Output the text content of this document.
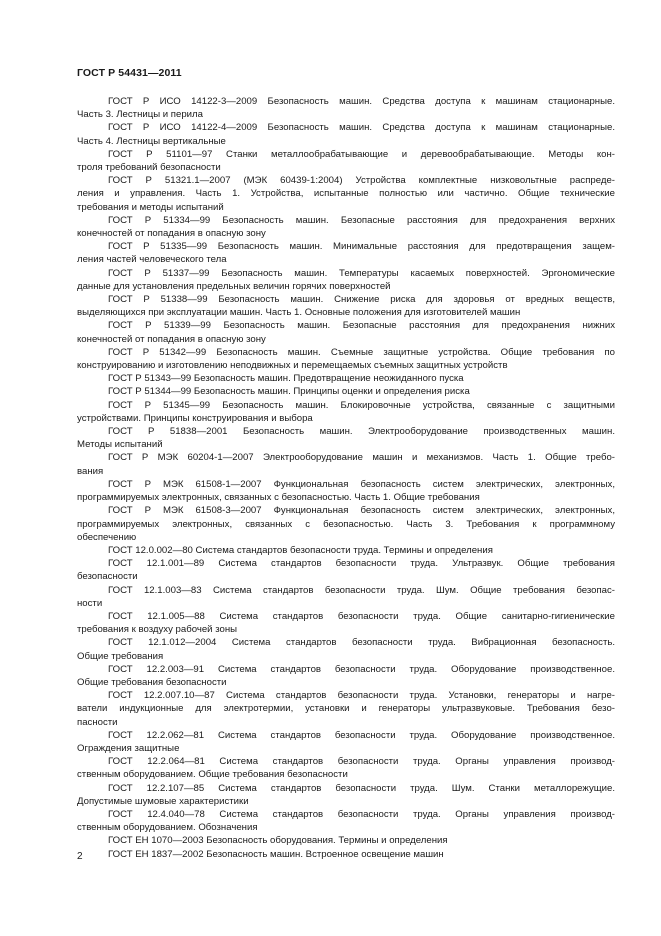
ГОСТ Р 54431—2011
ГОСТ Р ИСО 14122-3—2009 Безопасность машин. Средства доступа к машинам стационарные.
Часть 3. Лестницы и перила
ГОСТ Р ИСО 14122-4—2009 Безопасность машин. Средства доступа к машинам стационарные.
Часть 4. Лестницы вертикальные
ГОСТ Р 51101—97 Станки металлообрабатывающие и деревообрабатывающие. Методы кон-
троля требований безопасности
ГОСТ Р 51321.1—2007 (МЭК 60439-1:2004) Устройства комплектные низковольтные распреде-
ления и управления. Часть 1. Устройства, испытанные полностью или частично. Общие технические
требования и методы испытаний
ГОСТ Р 51334—99 Безопасность машин. Безопасные расстояния для предохранения верхних
конечностей от попадания в опасную зону
ГОСТ Р 51335—99 Безопасность машин. Минимальные расстояния для предотвращения защем-
ления частей человеческого тела
ГОСТ Р 51337—99 Безопасность машин. Температуры касаемых поверхностей. Эргономические
данные для установления предельных величин горячих поверхностей
ГОСТ Р 51338—99 Безопасность машин. Снижение риска для здоровья от вредных веществ,
выделяющихся при эксплуатации машин. Часть 1. Основные положения для изготовителей машин
ГОСТ Р 51339—99 Безопасность машин. Безопасные расстояния для предохранения нижних
конечностей от попадания в опасную зону
ГОСТ Р 51342—99 Безопасность машин. Съемные защитные устройства. Общие требования по
конструированию и изготовлению неподвижных и перемещаемых съемных защитных устройств
ГОСТ Р 51343—99 Безопасность машин. Предотвращение неожиданного пуска
ГОСТ Р 51344—99 Безопасность машин. Принципы оценки и определения риска
ГОСТ Р 51345—99 Безопасность машин. Блокировочные устройства, связанные с защитными
устройствами. Принципы конструирования и выбора
ГОСТ Р 51838—2001 Безопасность машин. Электрооборудование производственных машин.
Методы испытаний
ГОСТ Р МЭК 60204-1—2007 Электрооборудование машин и механизмов. Часть 1. Общие требо-
вания
ГОСТ Р МЭК 61508-1—2007 Функциональная безопасность систем электрических, электронных,
программируемых электронных, связанных с безопасностью. Часть 1. Общие требования
ГОСТ Р МЭК 61508-3—2007 Функциональная безопасность систем электрических, электронных,
программируемых электронных, связанных с безопасностью. Часть 3. Требования к программному
обеспечению
ГОСТ 12.0.002—80 Система стандартов безопасности труда. Термины и определения
ГОСТ 12.1.001—89 Система стандартов безопасности труда. Ультразвук. Общие требования
безопасности
ГОСТ 12.1.003—83 Система стандартов безопасности труда. Шум. Общие требования безопас-
ности
ГОСТ 12.1.005—88 Система стандартов безопасности труда. Общие санитарно-гигиенические
требования к воздуху рабочей зоны
ГОСТ 12.1.012—2004 Система стандартов безопасности труда. Вибрационная безопасность.
Общие требования
ГОСТ 12.2.003—91 Система стандартов безопасности труда. Оборудование производственное.
Общие требования безопасности
ГОСТ 12.2.007.10—87 Система стандартов безопасности труда. Установки, генераторы и нагре-
ватели индукционные для электротермии, установки и генераторы ультразвуковые. Требования безо-
пасности
ГОСТ 12.2.062—81 Система стандартов безопасности труда. Оборудование производственное.
Ограждения защитные
ГОСТ 12.2.064—81 Система стандартов безопасности труда. Органы управления производ-
ственным оборудованием. Общие требования безопасности
ГОСТ 12.2.107—85 Система стандартов безопасности труда. Шум. Станки металлорежущие.
Допустимые шумовые характеристики
ГОСТ 12.4.040—78 Система стандартов безопасности труда. Органы управления производ-
ственным оборудованием. Обозначения
ГОСТ ЕН 1070—2003 Безопасность оборудования. Термины и определения
ГОСТ ЕН 1837—2002 Безопасность машин. Встроенное освещение машин
2
